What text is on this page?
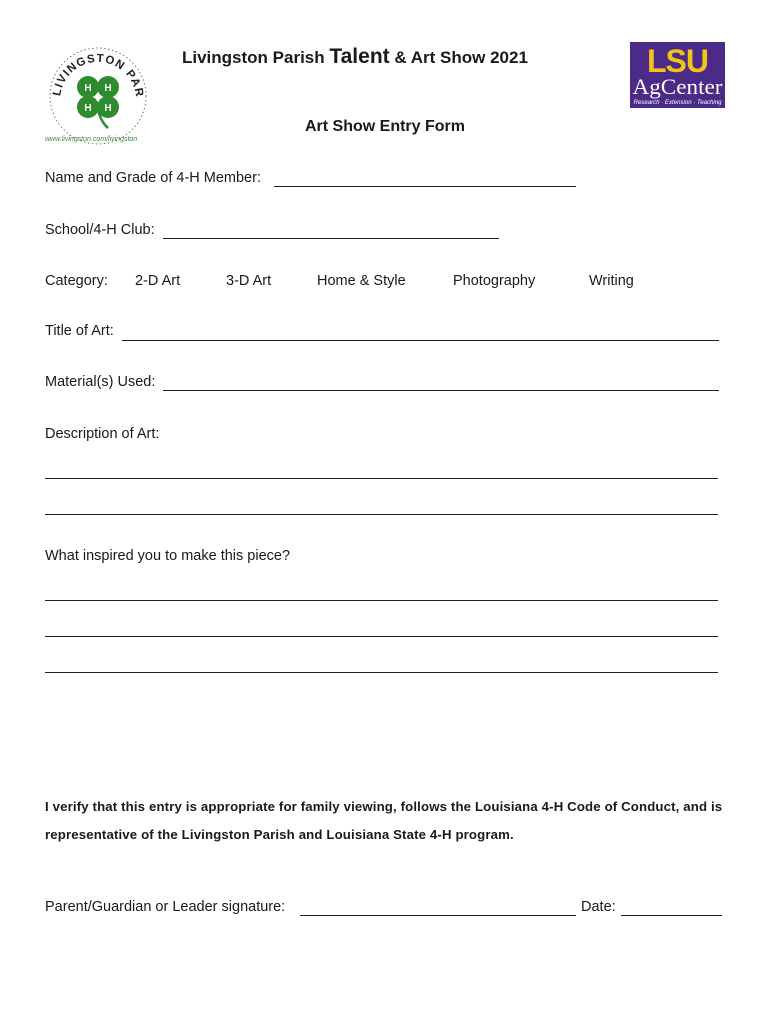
LIVINGSTON PAR
H H
H H
www.livingston.com/livingston
Livingston Parish Talent & Art Show 2021	LSU
AgCenter
Research · Extension · Teaching
Art Show Entry Form
Name and Grade of 4-H Member:
School/4-H Club:
Category: 2-D Art	3-D Art	Home & Style	Photography	Writing
Title of Art:
Material(s) Used:
Description of Art:
What inspired you to make this piece?
I verify that this entry is appropriate for family viewing, follows the Louisiana 4-H Code of Conduct, and is representative of the Livingston Parish and Louisiana State 4-H program.
Parent/Guardian or Leader signature:	Date:
